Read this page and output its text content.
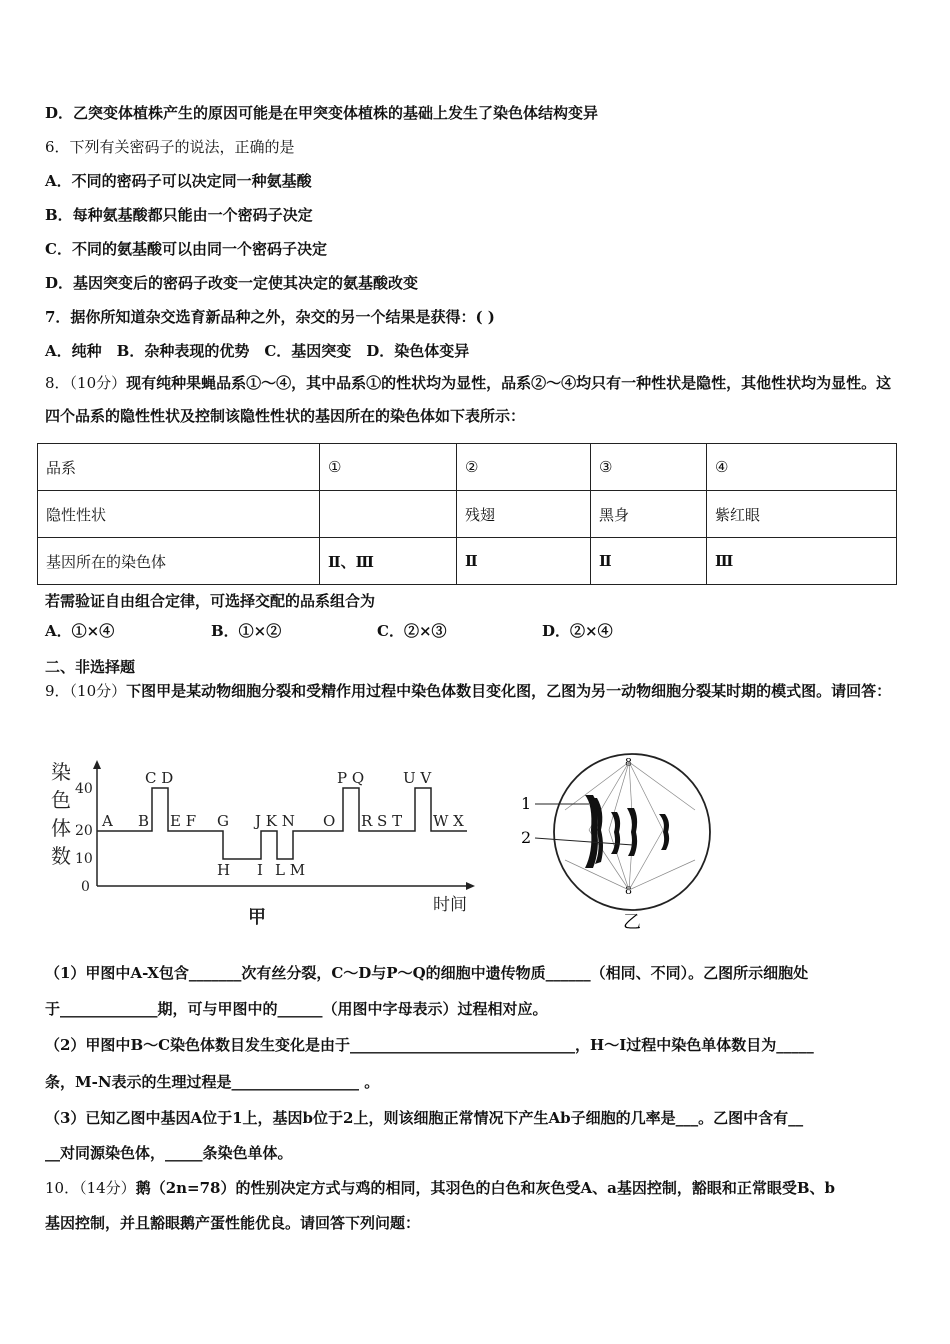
D．乙突变体植株产生的原因可能是在甲突变体植株的基础上发生了染色体结构变异
6．下列有关密码子的说法，正确的是
A．不同的密码子可以决定同一种氨基酸
B．每种氨基酸都只能由一个密码子决定
C．不同的氨基酸可以由同一个密码子决定
D．基因突变后的密码子改变一定使其决定的氨基酸改变
7．据你所知道杂交选育新品种之外，杂交的另一个结果是获得：( )
A．纯种　B．杂种表现的优势　C．基因突变　D．染色体变异
8．（10分）现有纯种果蝇品系①～④，其中品系①的性状均为显性，品系②～④均只有一种性状是隐性，其他性状均为显性。这四个品系的隐性性状及控制该隐性性状的基因所在的染色体如下表所示：
品系	①	②	③	④
隐性性状		残翅	黑身	紫红眼
基因所在的染色体	Ⅱ、Ⅲ	Ⅱ	Ⅱ	Ⅲ
若需验证自由组合定律，可选择交配的品系组合为
A．①×④	B．①×②	C．②×③	D．②×④
二、非选择题
9．（10分）下图甲是某动物细胞分裂和受精作用过程中染色体数目变化图，乙图为另一动物细胞分裂某时期的模式图。请回答：
染
色
体
数
0
10
20
40
A B
C D
E F G J K N O
P Q
R S T
U V
W X
H I L M
时间
甲
8
8
1
2
乙
（1）甲图中A-X包含_______次有丝分裂，C～D与P～Q的细胞中遗传物质______（相同、不同）。乙图所示细胞处
于_____________期，可与甲图中的______（用图中字母表示）过程相对应。
（2）甲图中B～C染色体数目发生变化是由于______________________________，H～I过程中染色单体数目为_____
条，M-N表示的生理过程是_________________ 。
（3）已知乙图中基因A位于1上，基因b位于2上，则该细胞正常情况下产生Ab子细胞的几率是___。乙图中含有__
__对同源染色体，_____条染色单体。
10．（14分）鹅（2n=78）的性别决定方式与鸡的相同，其羽色的白色和灰色受A、a基因控制，豁眼和正常眼受B、b
基因控制，并且豁眼鹅产蛋性能优良。请回答下列问题：
